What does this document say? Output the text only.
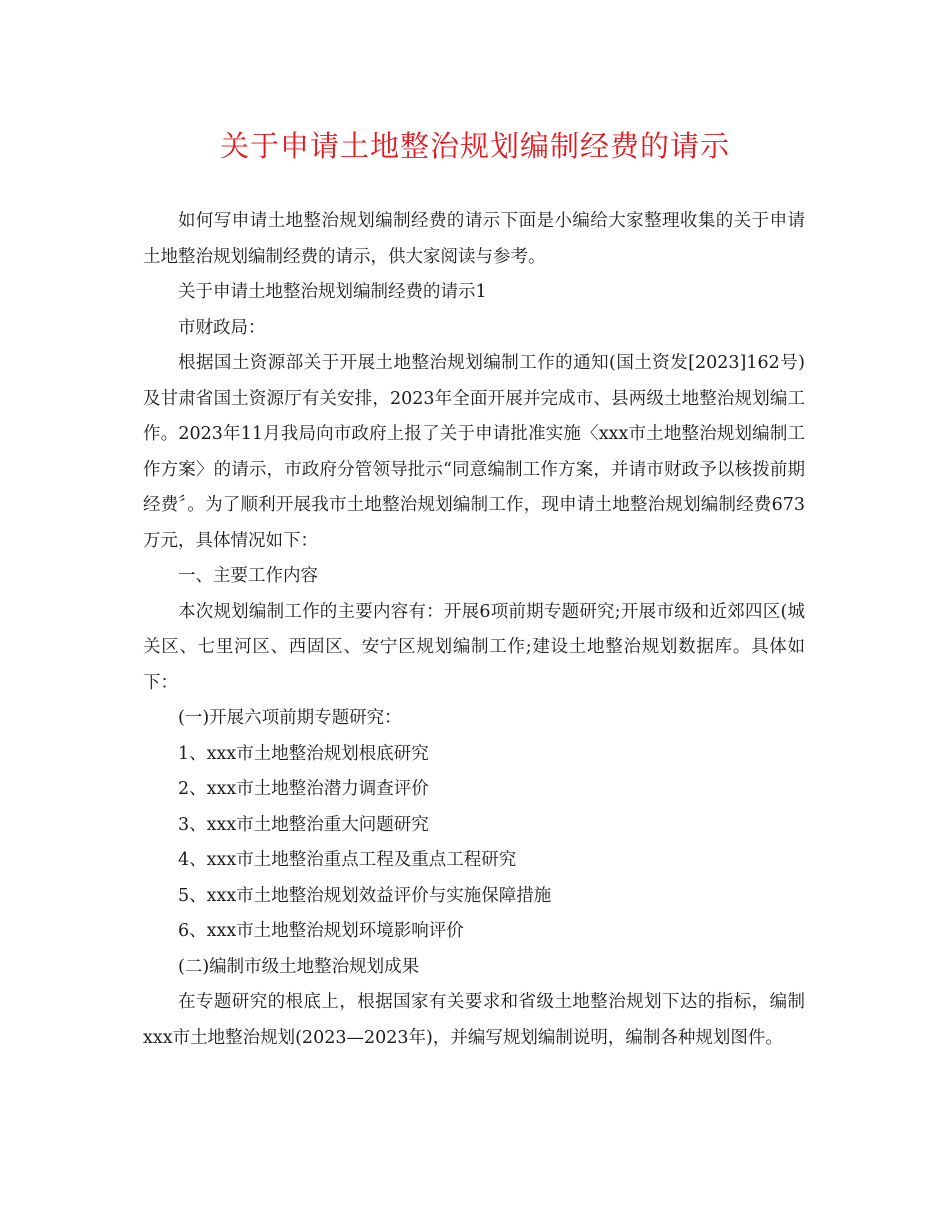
关于申请土地整治规划编制经费的请示

如何写申请土地整治规划编制经费的请示下面是小编给大家整理收集的关于申请土地整治规划编制经费的请示，供大家阅读与参考。

关于申请土地整治规划编制经费的请示1

市财政局：

根据国土资源部关于开展土地整治规划编制工作的通知(国土资发[2023]162号)及甘肃省国土资源厅有关安排，2023年全面开展并完成市、县两级土地整治规划编工作。2023年11月我局向市政府上报了关于申请批准实施〈xxx市土地整治规划编制工作方案〉的请示，市政府分管领导批示“同意编制工作方案，并请市财政予以核拨前期经费〞。为了顺利开展我市土地整治规划编制工作，现申请土地整治规划编制经费673万元，具体情况如下：

一、主要工作内容

本次规划编制工作的主要内容有：开展6项前期专题研究;开展市级和近郊四区(城关区、七里河区、西固区、安宁区规划编制工作;建设土地整治规划数据库。具体如下：

(一)开展六项前期专题研究：

1、xxx市土地整治规划根底研究

2、xxx市土地整治潜力调查评价

3、xxx市土地整治重大问题研究

4、xxx市土地整治重点工程及重点工程研究

5、xxx市土地整治规划效益评价与实施保障措施

6、xxx市土地整治规划环境影响评价

(二)编制市级土地整治规划成果

在专题研究的根底上，根据国家有关要求和省级土地整治规划下达的指标，编制xxx市土地整治规划(2023—2023年)，并编写规划编制说明，编制各种规划图件。
